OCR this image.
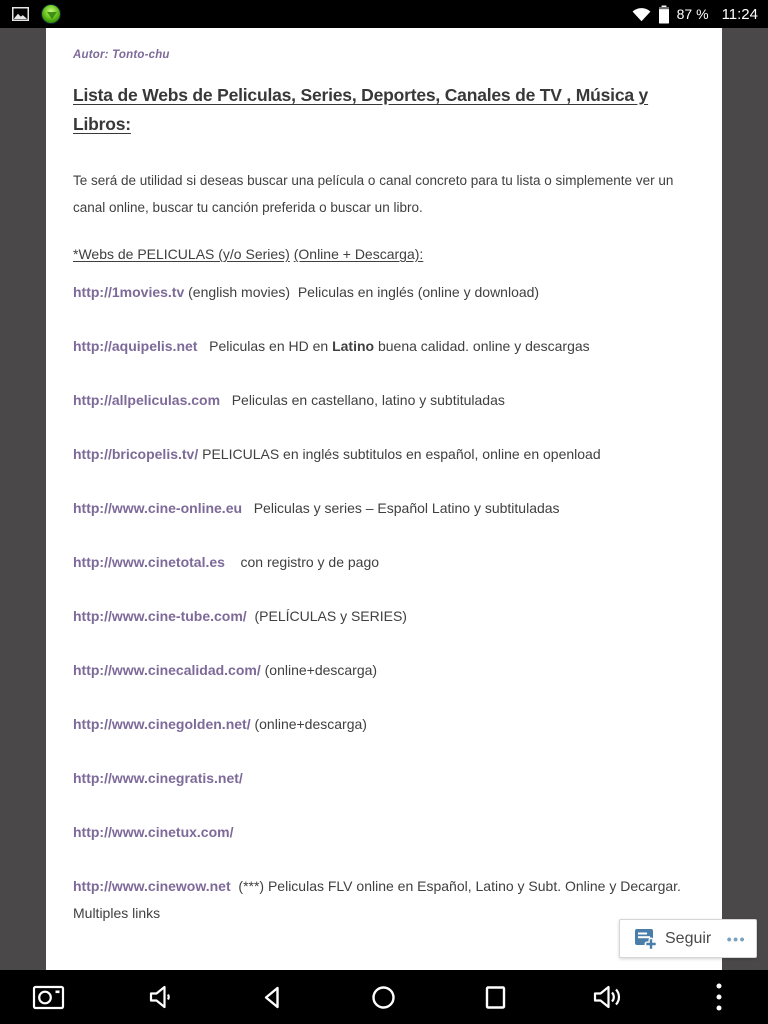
87 % 11:24
Autor: Tonto-chu
Lista de Webs de Peliculas, Series, Deportes, Canales de TV , Música y Libros:

Te será de utilidad si deseas buscar una película o canal concreto para tu lista o simplemente ver un canal online, buscar tu canción preferida o buscar un libro.

*Webs de PELICULAS (y/o Series) (Online + Descarga):

http://1movies.tv (english movies)  Peliculas en inglés (online y download)

http://aquipelis.net   Peliculas en HD en Latino buena calidad. online y descargas

http://allpeliculas.com   Peliculas en castellano, latino y subtituladas

http://bricopelis.tv/ PELICULAS en inglés subtitulos en español, online en openload

http://www.cine-online.eu   Peliculas y series – Español Latino y subtituladas

http://www.cinetotal.es    con registro y de pago

http://www.cine-tube.com/  (PELÍCULAS y SERIES)

http://www.cinecalidad.com/ (online+descarga)

http://www.cinegolden.net/ (online+descarga)

http://www.cinegratis.net/

http://www.cinetux.com/

http://www.cinewow.net  (***) Peliculas FLV online en Español, Latino y Subt. Online y Decargar. Multiples links

Seguir •••
